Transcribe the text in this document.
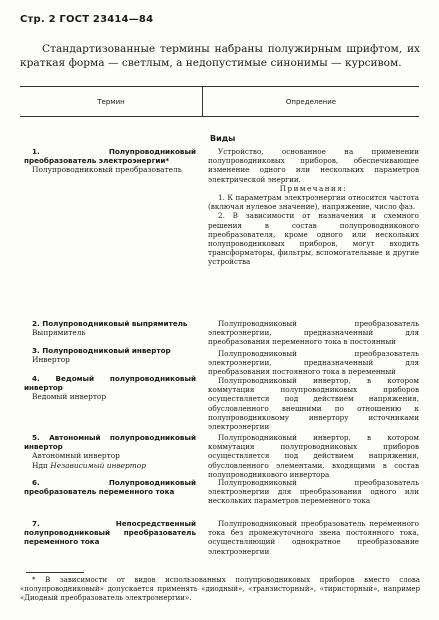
Стр. 2 ГОСТ 23414—84

Стандартизованные термины набраны полужирным шрифтом, их краткая форма — светлым, а недопустимые синонимы — курсивом.

Термин	Определение
Виды
1. Полупроводниковый преобразователь электроэнергии*
Полупроводниковый преобразователь
Устройство, основанное на применении полупроводниковых приборов, обеспечивающее изменение одного или нескольких параметров электрической энергии.
Примечания:
1. К параметрам электроэнергии относится частота (включая нулевое значение), напряжение, число фаз.
2. В зависимости от назначения и схемного решения в состав полупроводникового преобразователя, кроме одного или нескольких полупроводниковых приборов, могут входить трансформаторы, фильтры, вспомогательные и другие устройства
2. Полупроводниковый выпрямитель
Выпрямитель
Полупроводниковый преобразователь электроэнергии, предназначенный для преобразования переменного тока в постоянный
3. Полупроводниковый инвертор
Инвертор
Полупроводниковый преобразователь электроэнергии, предназначенный для преобразования постоянного тока в переменный
4. Ведомый полупроводниковый инвертор
Ведомый инвертор
Полупроводниковый инвертор, в котором коммутация полупроводниковых приборов осуществляется под действием напряжения, обусловленного внешними по отношению к полупроводниковому инвертору источниками электроэнергии
5. Автономный полупроводниковый инвертор
Автономный инвертор
Ндп Независимый инвертор
Полупроводниковый инвертор, в котором коммутация полупроводниковых приборов осуществляется под действием напряжения, обусловленного элементами, входящими в состав полупроводникового инвертора
6. Полупроводниковый преобразователь переменного тока
Полупроводниковый преобразователь электроэнергии для преобразования одного или нескольких параметров переменного тока
7. Непосредственный полупроводниковый преобразователь переменного тока
Полупроводниковый преобразователь переменного тока без промежуточного звена постоянного тока, осуществляющий однократное преобразование электроэнергии

* В зависимости от видов использованных полупроводниковых приборов вместо слова «полупроводниковый» допускается применять «диодный», «транзисторный», «тиристорный», например «Диодный преобразователь электроэнергии».
